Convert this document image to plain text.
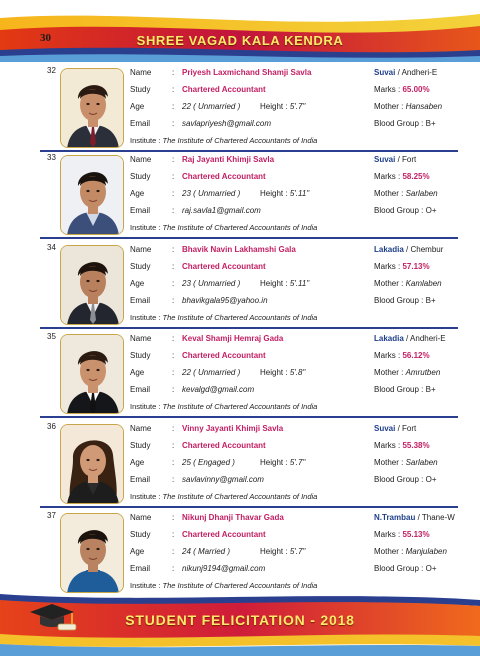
30	SHREE VAGAD KALA KENDRA
32	Name	: Priyesh Laxmichand Shamji Savla	Suvai / Andheri-E
Study	: Chartered Accountant	Marks : 65.00%
Age	: 22 ( Unmarried ) Height : 5'.7"	Mother : Hansaben
Email	: savlapriyesh@gmail.com	Blood Group : B+
Institute : The Institute of Chartered Accountants of India
33	Name	: Raj Jayanti Khimji Savla	Suvai / Fort
Study	: Chartered Accountant	Marks : 58.25%
Age	: 23 ( Unmarried ) Height : 5'.11"	Mother : Sarlaben
Email	: raj.savla1@gmail.com	Blood Group : O+
Institute : The Institute of Chartered Accountants of India
34	Name	: Bhavik Navin Lakhamshi Gala	Lakadia / Chembur
Study	: Chartered Accountant	Marks : 57.13%
Age	: 23 ( Unmarried ) Height : 5'.11"	Mother : Kamlaben
Email	: bhavikgala95@yahoo.in	Blood Group : B+
Institute : The Institute of Chartered Accountants of India
35	Name	: Keval Shamji Hemraj Gada	Lakadia / Andheri-E
Study	: Chartered Accountant	Marks : 56.12%
Age	: 22 ( Unmarried ) Height : 5'.8"	Mother : Amrutben
Email	: kevalgd@gmail.com	Blood Group : B+
Institute : The Institute of Chartered Accountants of India
36	Name	: Vinny Jayanti Khimji Savla	Suvai / Fort
Study	: Chartered Accountant	Marks : 55.38%
Age	: 25 ( Engaged )	Height : 5'.7"	Mother : Sarlaben
Email	: savlavinny@gmail.com	Blood Group : O+
Institute : The Institute of Chartered Accountants of India
37	Name	: Nikunj Dhanji Thavar Gada	N.Trambau / Thane-W
Study	: Chartered Accountant	Marks : 55.13%
Age	: 24 ( Married )	Height : 5'.7"	Mother : Manjulaben
Email	: nikunj9194@gmail.com	Blood Group : O+
Institute : The Institute of Chartered Accountants of India
STUDENT FELICITATION - 2018
